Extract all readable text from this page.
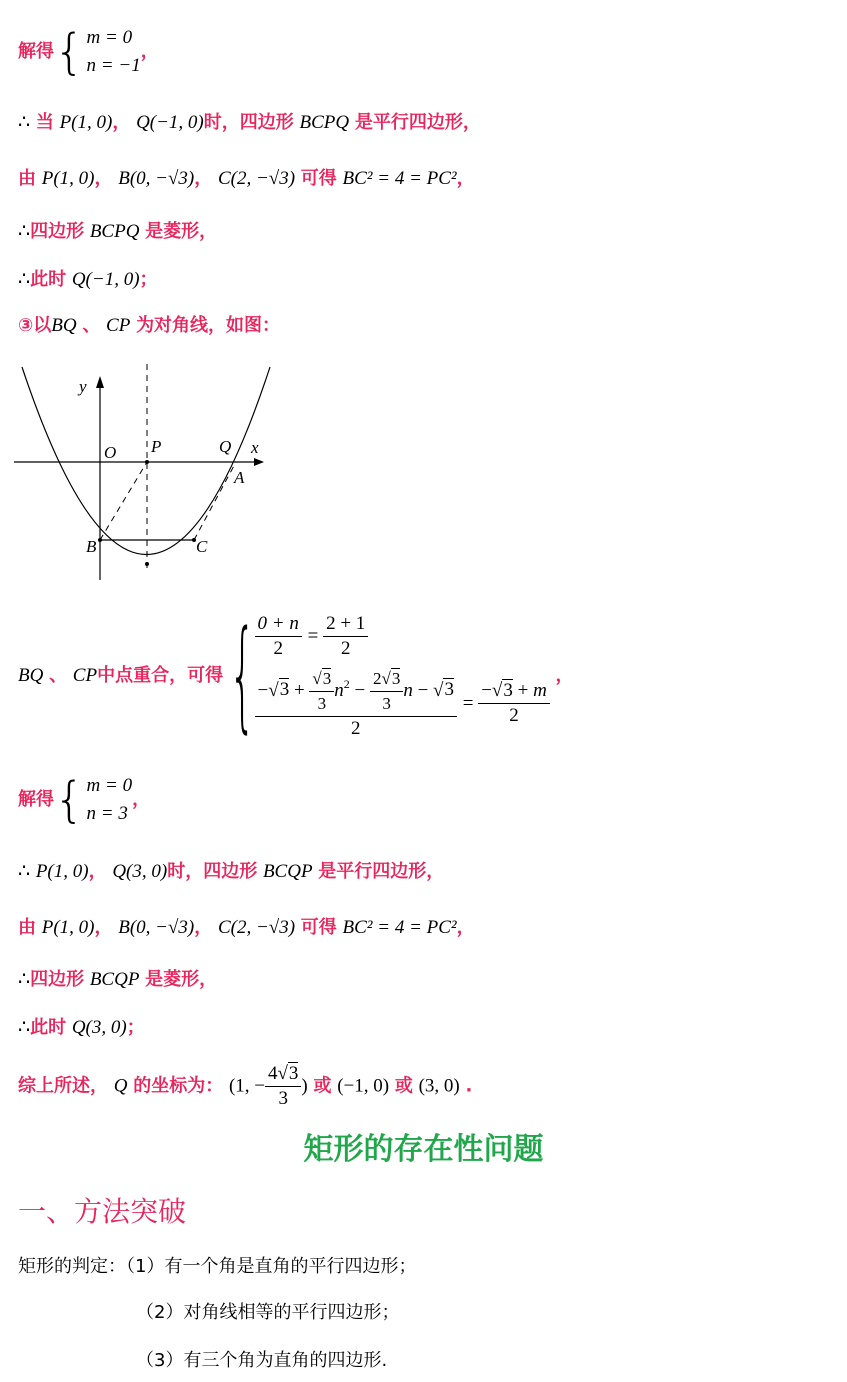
解得{ m = 0
n = −1，
∴ 当 P(1, 0)， Q(−1, 0)时，四边形 BCPQ 是平行四边形，
由 P(1, 0)， B(0, −√3)， C(2, −√3) 可得 BC² = 4 = PC²，
∴四边形 BCPQ 是菱形，
∴此时 Q(−1, 0)；
③以BQ 、 CP 为对角线，如图：
y
x
O P	Q
A
B	C
BQ 、 CP中点重合，可得 { $\frac{0 + n}{2} = \frac{2 + 1}{2}$
$\frac{-√3 + \frac{√3}{3} n^2 - \frac{2√3}{3} n - √3}{2} = \frac{-√3 + m}{2}$
，
解得{ m = 0
n = 3，
∴ P(1, 0)， Q(3, 0)时，四边形 BCQP 是平行四边形，
由 P(1, 0)， B(0, −√3)， C(2, −√3) 可得 BC² = 4 = PC²，
∴四边形 BCQP 是菱形，
∴此时 Q(3, 0)；
综上所述， Q 的坐标为： (1, − $\frac{4√3}{3}$ ) 或 (−1, 0) 或 (3, 0) .
矩形的存在性问题
一、方法突破
矩形的判定：（1）有一个角是直角的平行四边形；
（2）对角线相等的平行四边形；
（3）有三个角为直角的四边形.
